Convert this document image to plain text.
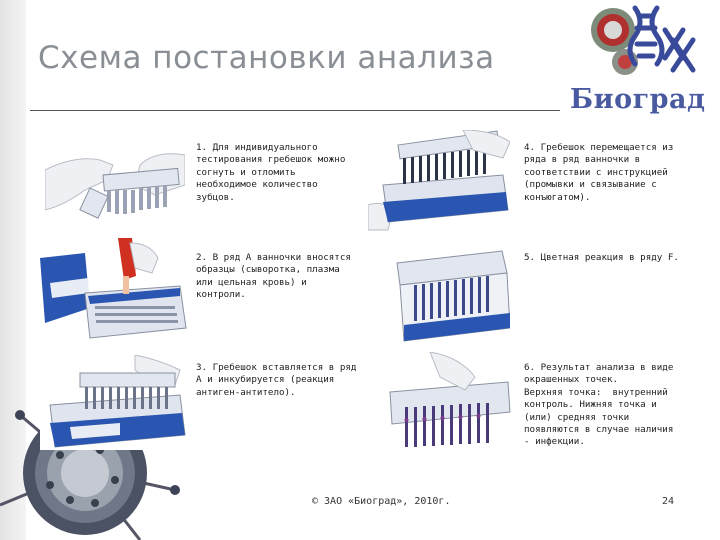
Схема постановки анализа
Биоград
1. Для индивидуального
тестирования гребешок можно
согнуть и отломить
необходимое количество
зубцов.
2. В ряд А ванночки вносятся
образцы (сыворотка, плазма
или цельная кровь) и
контроли.
3. Гребешок вставляется в ряд
А и инкубируется (реакция
антиген-антитело).
4. Гребешок перемещается из
ряда в ряд ванночки в
соответствии с инструкцией
(промывки и связывание с
конъюгатом).
5. Цветная реакция в ряду F.
6. Результат анализа в виде
окрашенных точек.
Верхняя точка:  внутренний
контроль. Нижняя точка и
(или) средняя точки
появляются в случае наличия
- инфекции.
© ЗАО «Биоград», 2010г.	24
